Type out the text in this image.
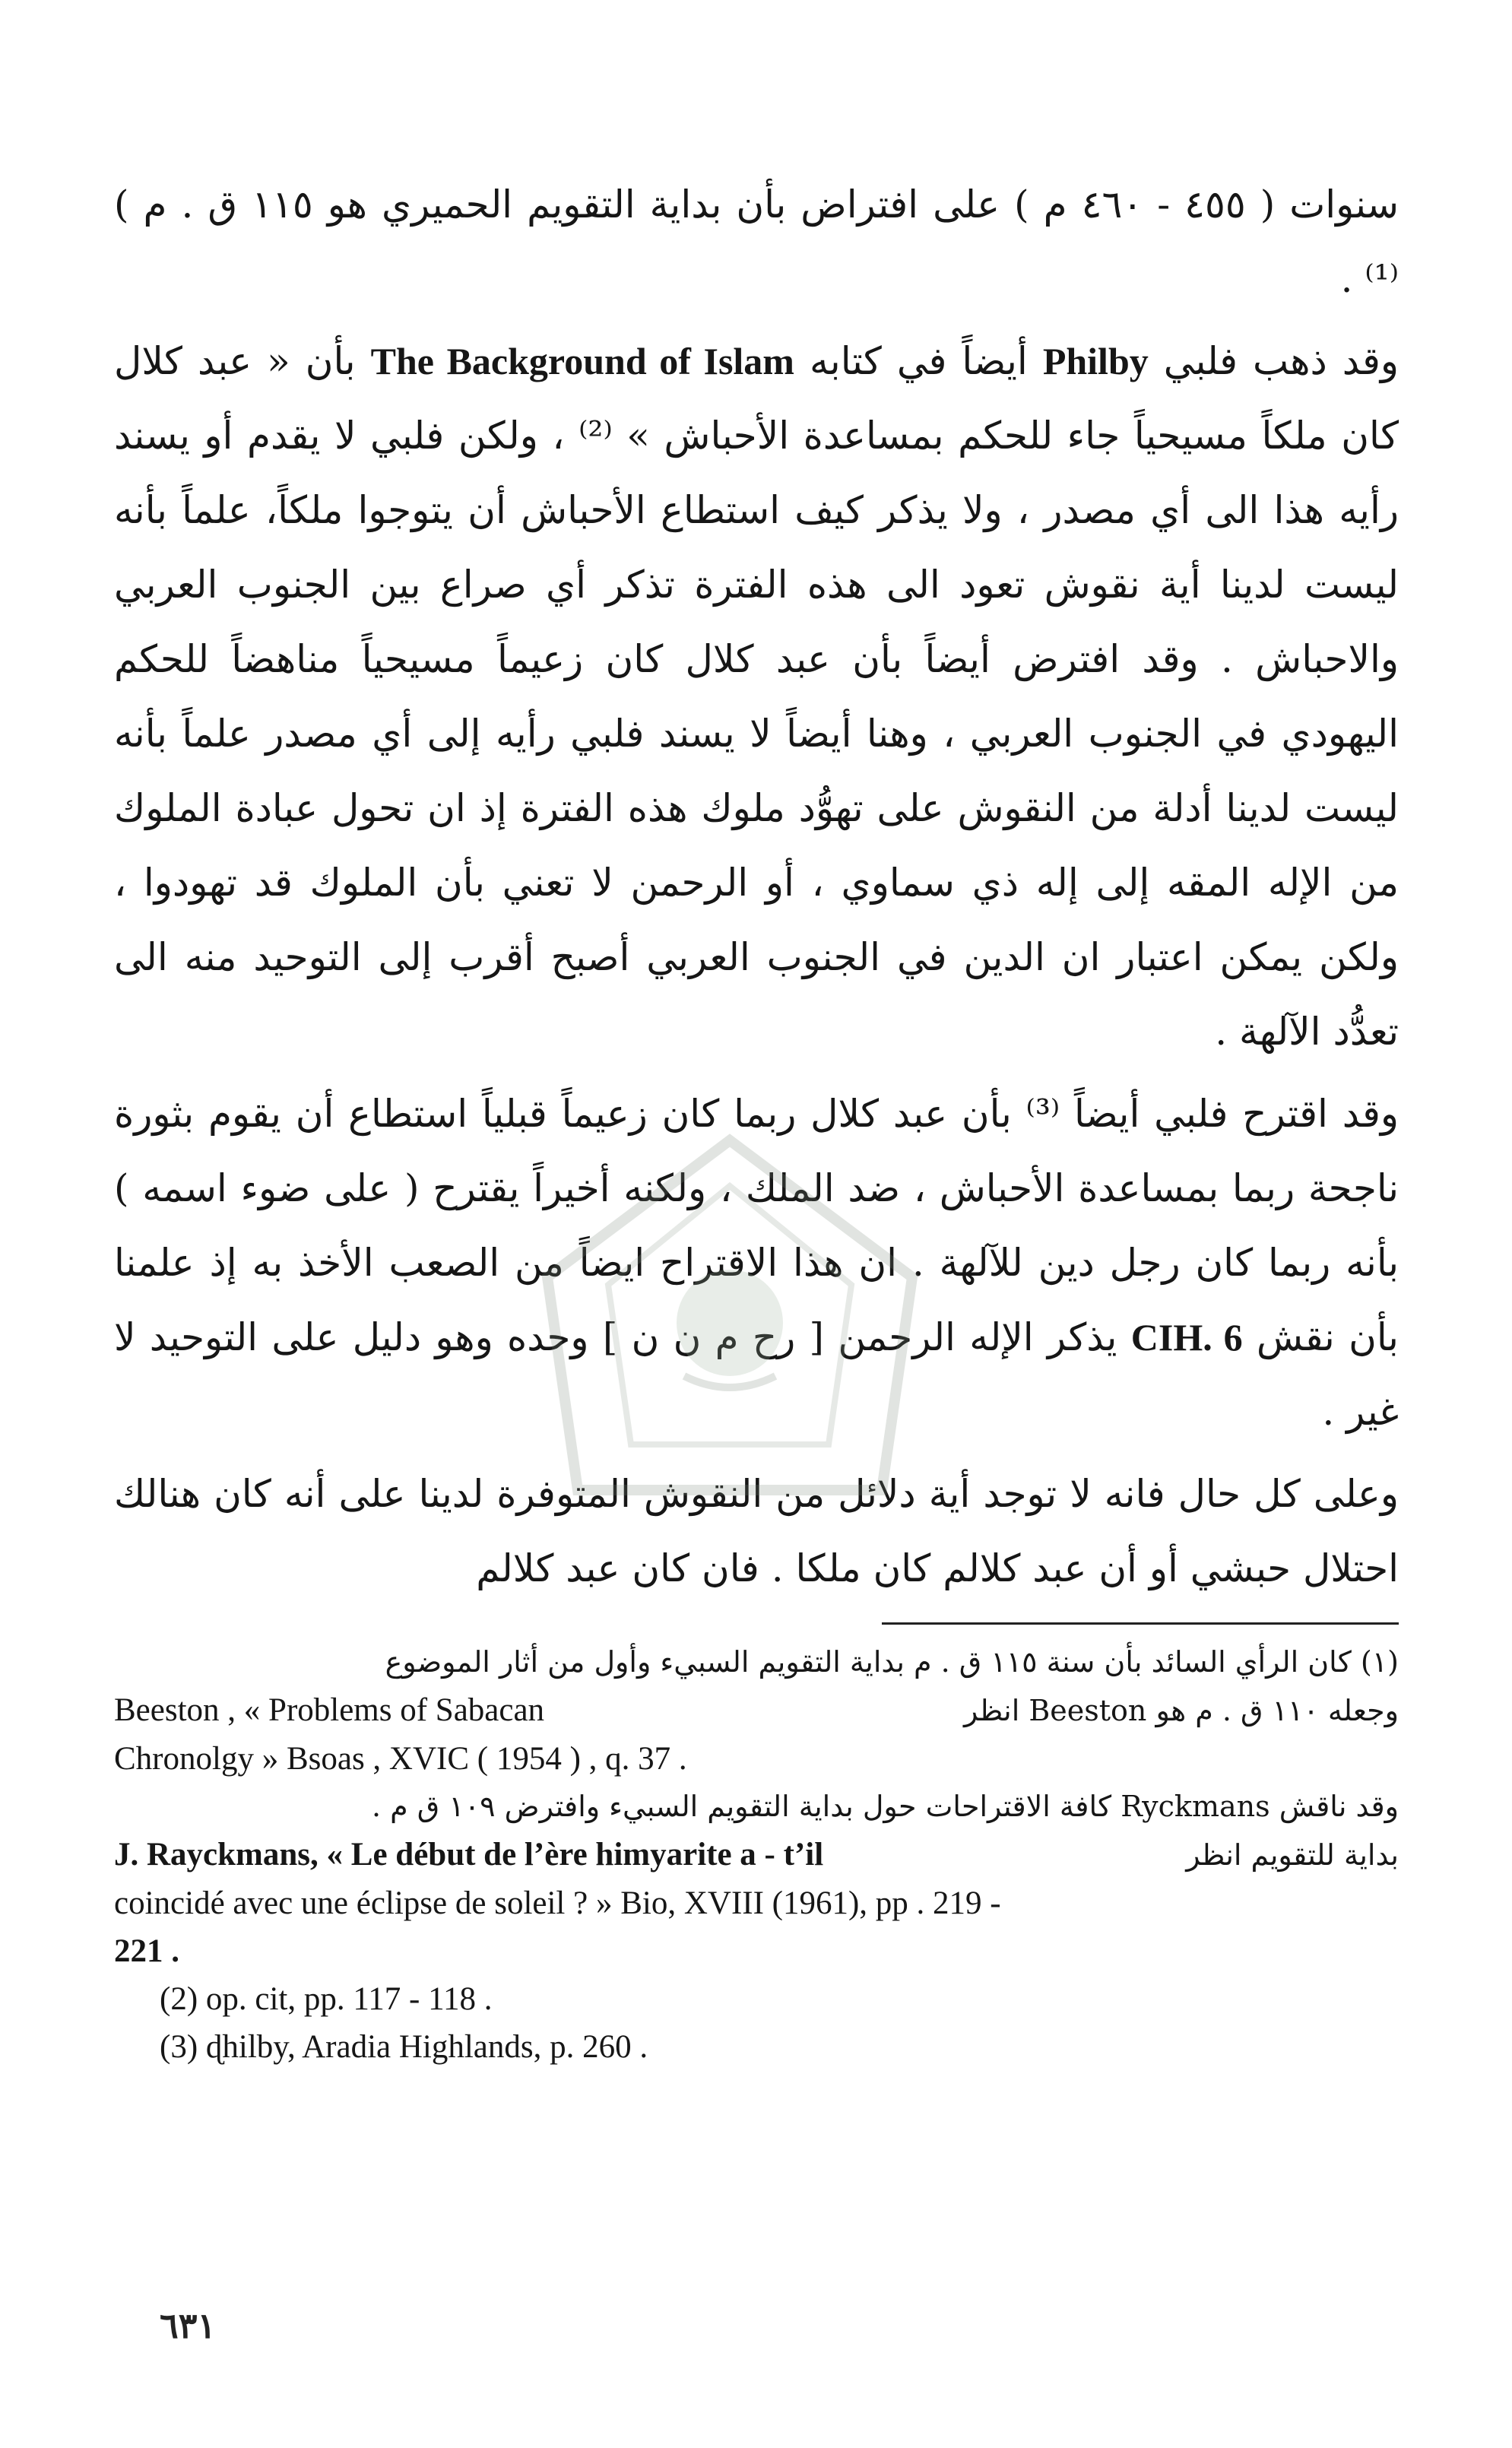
سنوات ( ٤٥٥ - ٤٦٠ م ) على افتراض بأن بداية التقويم الحميري هو ١١٥ ق . م ) ⁽¹⁾ .

وقد ذهب فلبي Philby أيضاً في كتابه The Background of Islam بأن « عبد كلال كان ملكاً مسيحياً جاء للحكم بمساعدة الأحباش » ⁽²⁾ ، ولكن فلبي لا يقدم أو يسند رأيه هذا الى أي مصدر ، ولا يذكر كيف استطاع الأحباش أن يتوجوا ملكاً، علماً بأنه ليست لدينا أية نقوش تعود الى هذه الفترة تذكر أي صراع بين الجنوب العربي والاحباش . وقد افترض أيضاً بأن عبد كلال كان زعيماً مسيحياً مناهضاً للحكم اليهودي في الجنوب العربي ، وهنا أيضاً لا يسند فلبي رأيه إلى أي مصدر علماً بأنه ليست لدينا أدلة من النقوش على تهوُّد ملوك هذه الفترة إذ ان تحول عبادة الملوك من الإله المقه إلى إله ذي سماوي ، أو الرحمن لا تعني بأن الملوك قد تهودوا ، ولكن يمكن اعتبار ان الدين في الجنوب العربي أصبح أقرب إلى التوحيد منه الى تعدُّد الآلهة .

وقد اقترح فلبي أيضاً ⁽³⁾ بأن عبد كلال ربما كان زعيماً قبلياً استطاع أن يقوم بثورة ناجحة ربما بمساعدة الأحباش ، ضد الملك ، ولكنه أخيراً يقترح ( على ضوء اسمه ) بأنه ربما كان رجل دين للآلهة . ان هذا الاقتراح ايضاً من الصعب الأخذ به إذ علمنا بأن نقش CIH. 6 يذكر الإله الرحمن [ رح م ن ن ] وحده وهو دليل على التوحيد لا غير .

وعلى كل حال فانه لا توجد أية دلائل من النقوش المتوفرة لدينا على أنه كان هنالك احتلال حبشي أو أن عبد كلالم كان ملكا . فان كان عبد كلالم

(١) كان الرأي السائد بأن سنة ١١٥ ق . م بداية التقويم السبيء وأول من أثار الموضوع
Beeston , « Problems of Sabacan	وجعله ١١٠ ق . م هو Beeston انظر
Chronolgy » Bsoas , XVIC ( 1954 ) , q. 37 .
وقد ناقش Ryckmans كافة الاقتراحات حول بداية التقويم السبيء وافترض ١٠٩ ق م .
J. Rayckmans, « Le début de l’ère himyarite a - t’il	بداية للتقويم انظر
coincidé avec une éclipse de soleil ? » Bio, XVIII (1961), pp . 219 -
221 .
(2) op. cit, pp. 117 - 118 .
(3) ɖhilby, Aradia Highlands, p. 260 .
٦٣١
